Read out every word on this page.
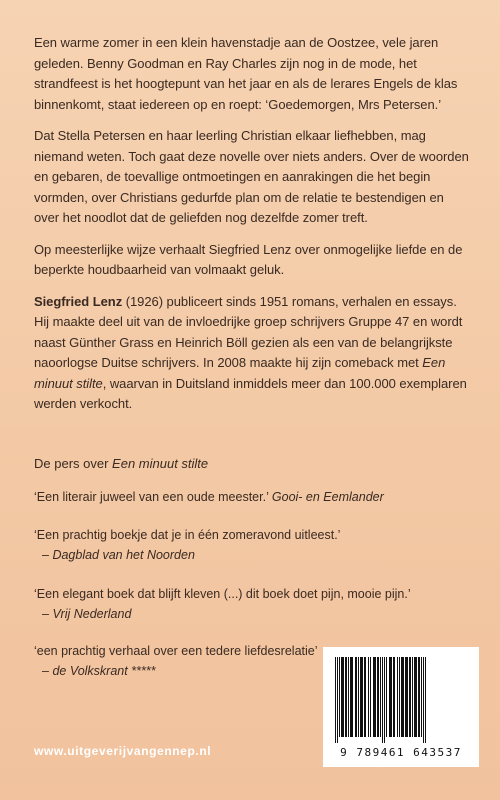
Een warme zomer in een klein havenstadje aan de Oostzee, vele jaren geleden. Benny Goodman en Ray Charles zijn nog in de mode, het strandfeest is het hoogtepunt van het jaar en als de lerares Engels de klas binnenkomt, staat iedereen op en roept: ‘Goedemorgen, Mrs Petersen.’

Dat Stella Petersen en haar leerling Christian elkaar liefhebben, mag niemand weten. Toch gaat deze novelle over niets anders. Over de woorden en gebaren, de toevallige ontmoetingen en aanrakingen die het begin vormden, over Christians gedurfde plan om de relatie te bestendigen en over het noodlot dat de geliefden nog dezelfde zomer treft.

Op meesterlijke wijze verhaalt Siegfried Lenz over onmogelijke liefde en de beperkte houdbaarheid van volmaakt geluk.

Siegfried Lenz (1926) publiceert sinds 1951 romans, verhalen en essays. Hij maakte deel uit van de invloedrijke groep schrijvers Gruppe 47 en wordt naast Günther Grass en Heinrich Böll gezien als een van de belangrijkste naoorlogse Duitse schrijvers. In 2008 maakte hij zijn comeback met Een minuut stilte, waarvan in Duitsland inmiddels meer dan 100.000 exemplaren werden verkocht.

De pers over Een minuut stilte
‘Een literair juweel van een oude meester.’ Gooi- en Eemlander
‘Een prachtig boekje dat je in één zomeravond uitleest.’
– Dagblad van het Noorden
‘Een elegant boek dat blijft kleven (...) dit boek doet pijn, mooie pijn.’
– Vrij Nederland
‘een prachtig verhaal over een tedere liefdesrelatie’
– de Volkskrant *****
www.uitgeverijvangennep.nl	9 789461 643537
